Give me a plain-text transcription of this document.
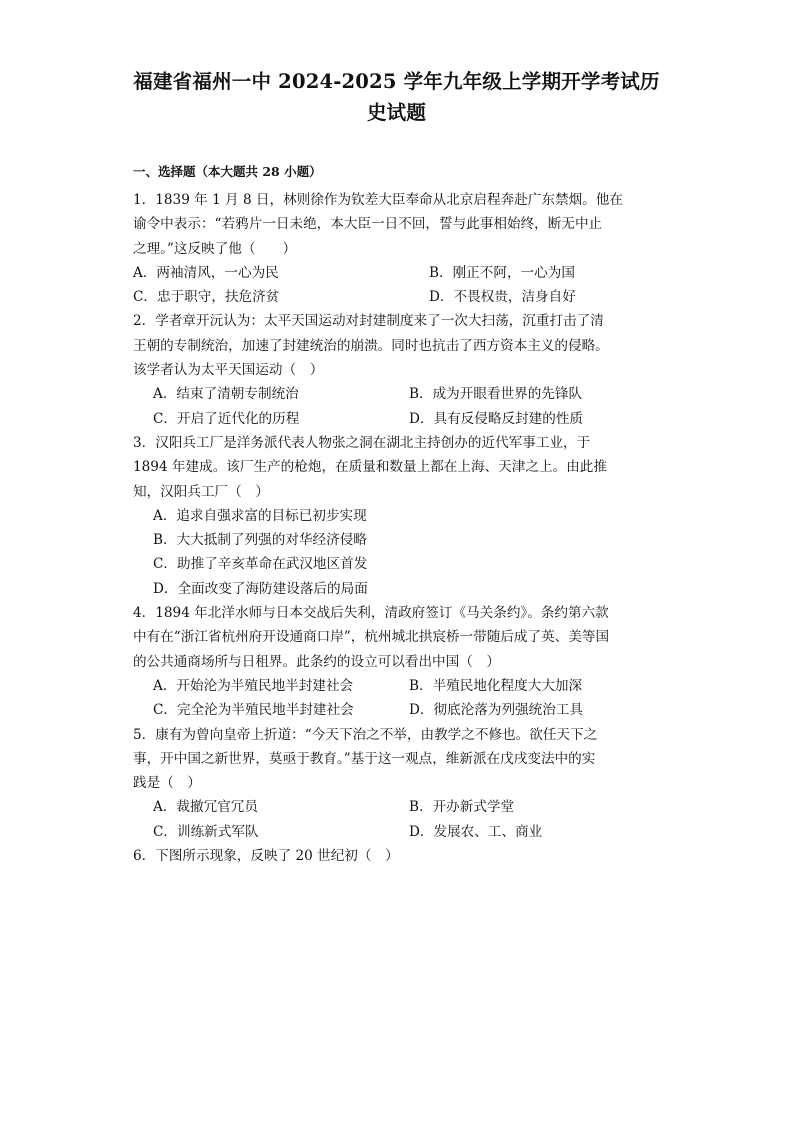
福建省福州一中 2024-2025 学年九年级上学期开学考试历
史试题
一、选择题（本大题共 28 小题）
1．1839 年 1 月 8 日，林则徐作为钦差大臣奉命从北京启程奔赴广东禁烟。他在
谕令中表示：“若鸦片一日未绝，本大臣一日不回，誓与此事相始终，断无中止
之理。”这反映了他（　　）
A．两袖清风，一心为民	B．刚正不阿，一心为国
C．忠于职守，扶危济贫	D．不畏权贵，洁身自好
2．学者章开沅认为：太平天国运动对封建制度来了一次大扫荡，沉重打击了清
王朝的专制统治，加速了封建统治的崩溃。同时也抗击了西方资本主义的侵略。
该学者认为太平天国运动（　）
A．结束了清朝专制统治	B．成为开眼看世界的先锋队
C．开启了近代化的历程	D．具有反侵略反封建的性质
3．汉阳兵工厂是洋务派代表人物张之洞在湖北主持创办的近代军事工业，于
1894 年建成。该厂生产的枪炮，在质量和数量上都在上海、天津之上。由此推
知，汉阳兵工厂（　）
A．追求自强求富的目标已初步实现
B．大大抵制了列强的对华经济侵略
C．助推了辛亥革命在武汉地区首发
D．全面改变了海防建设落后的局面
4．1894 年北洋水师与日本交战后失利，清政府签订《马关条约》。条约第六款
中有在“浙江省杭州府开设通商口岸”，杭州城北拱宸桥一带随后成了英、美等国
的公共通商场所与日租界。此条约的设立可以看出中国（　）
A．开始沦为半殖民地半封建社会	B．半殖民地化程度大大加深
C．完全沦为半殖民地半封建社会	D．彻底沦落为列强统治工具
5．康有为曾向皇帝上折道：“今天下治之不举，由教学之不修也。欲任天下之
事，开中国之新世界，莫亟于教育。”基于这一观点，维新派在戊戌变法中的实
践是（　）
A．裁撤冗官冗员	B．开办新式学堂
C．训练新式军队	D．发展农、工、商业
6．下图所示现象，反映了 20 世纪初（　）
